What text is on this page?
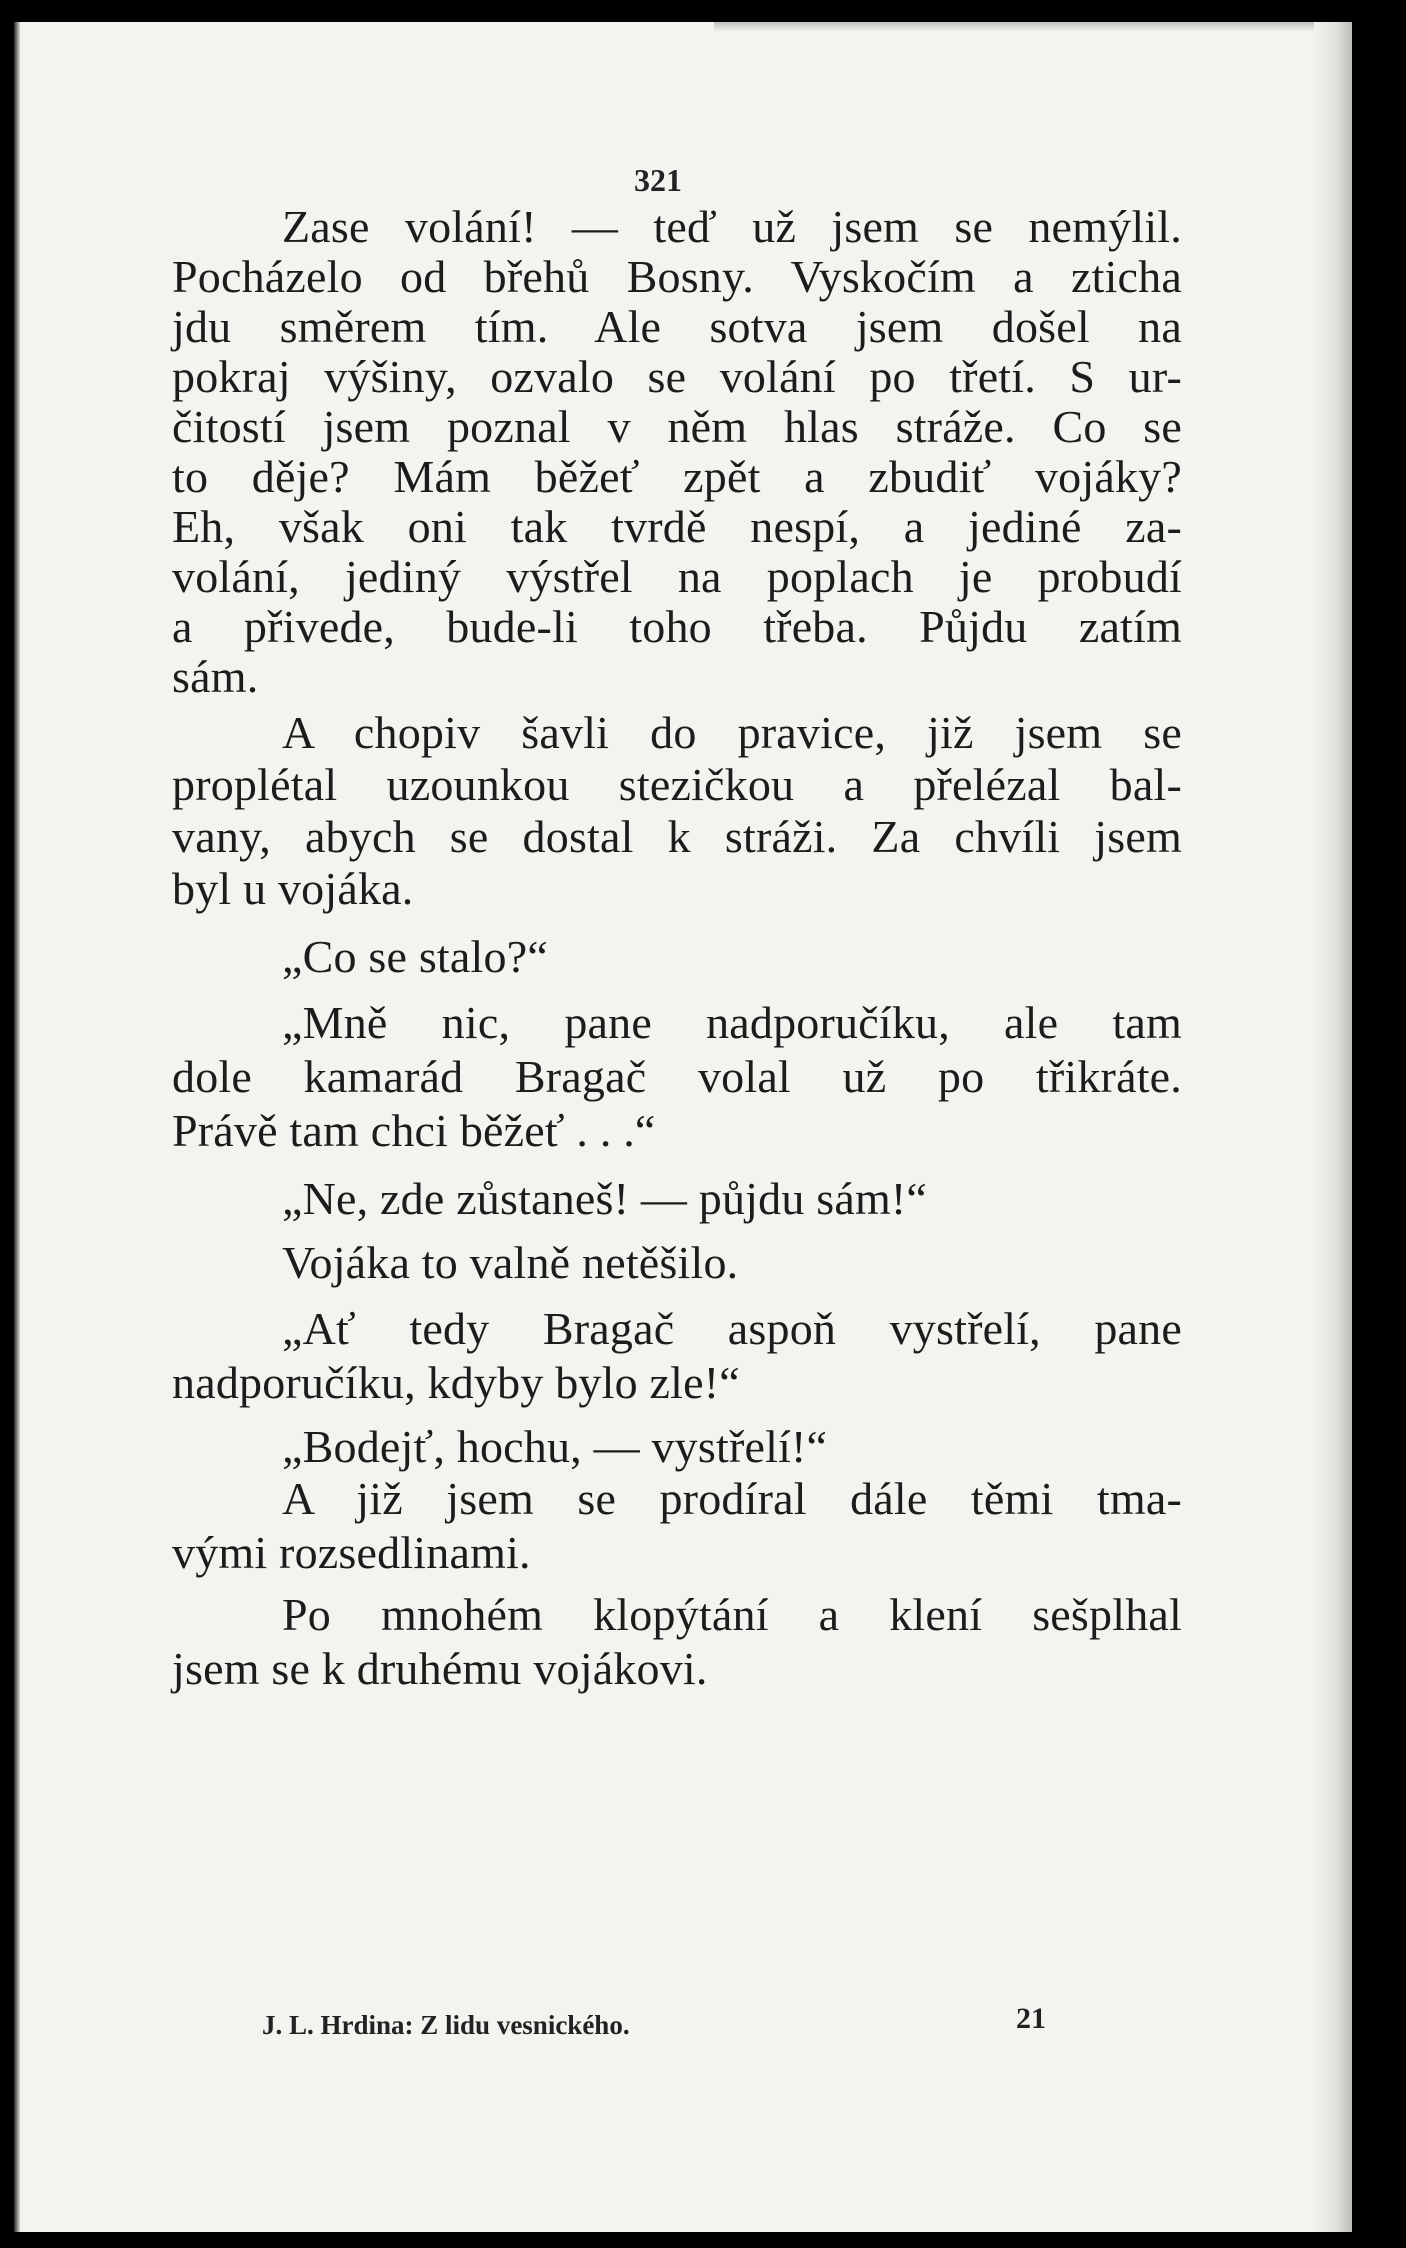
321
Zase volání! — teď už jsem se nemýlil.
Pocházelo od břehů Bosny. Vyskočím a zticha
jdu směrem tím. Ale sotva jsem došel na
pokraj výšiny, ozvalo se volání po třetí. S ur-
čitostí jsem poznal v něm hlas stráže. Co se
to děje? Mám běžeť zpět a zbudiť vojáky?
Eh, však oni tak tvrdě nespí, a jediné za-
volání, jediný výstřel na poplach je probudí
a přivede, bude-li toho třeba. Půjdu zatím
sám.
A chopiv šavli do pravice, již jsem se
proplétal uzounkou stezičkou a přelézal bal-
vany, abych se dostal k stráži. Za chvíli jsem
byl u vojáka.
„Co se stalo?“
„Mně nic, pane nadporučíku, ale tam
dole kamarád Bragač volal už po třikráte.
Právě tam chci běžeť . . .“
„Ne, zde zůstaneš! — půjdu sám!“
Vojáka to valně netěšilo.
„Ať tedy Bragač aspoň vystřelí, pane
nadporučíku, kdyby bylo zle!“
„Bodejť, hochu, — vystřelí!“
A již jsem se prodíral dále těmi tma-
vými rozsedlinami.
Po mnohém klopýtání a klení sešplhal
jsem se k druhému vojákovi.
J. L. Hrdina: Z lidu vesnického.	21
